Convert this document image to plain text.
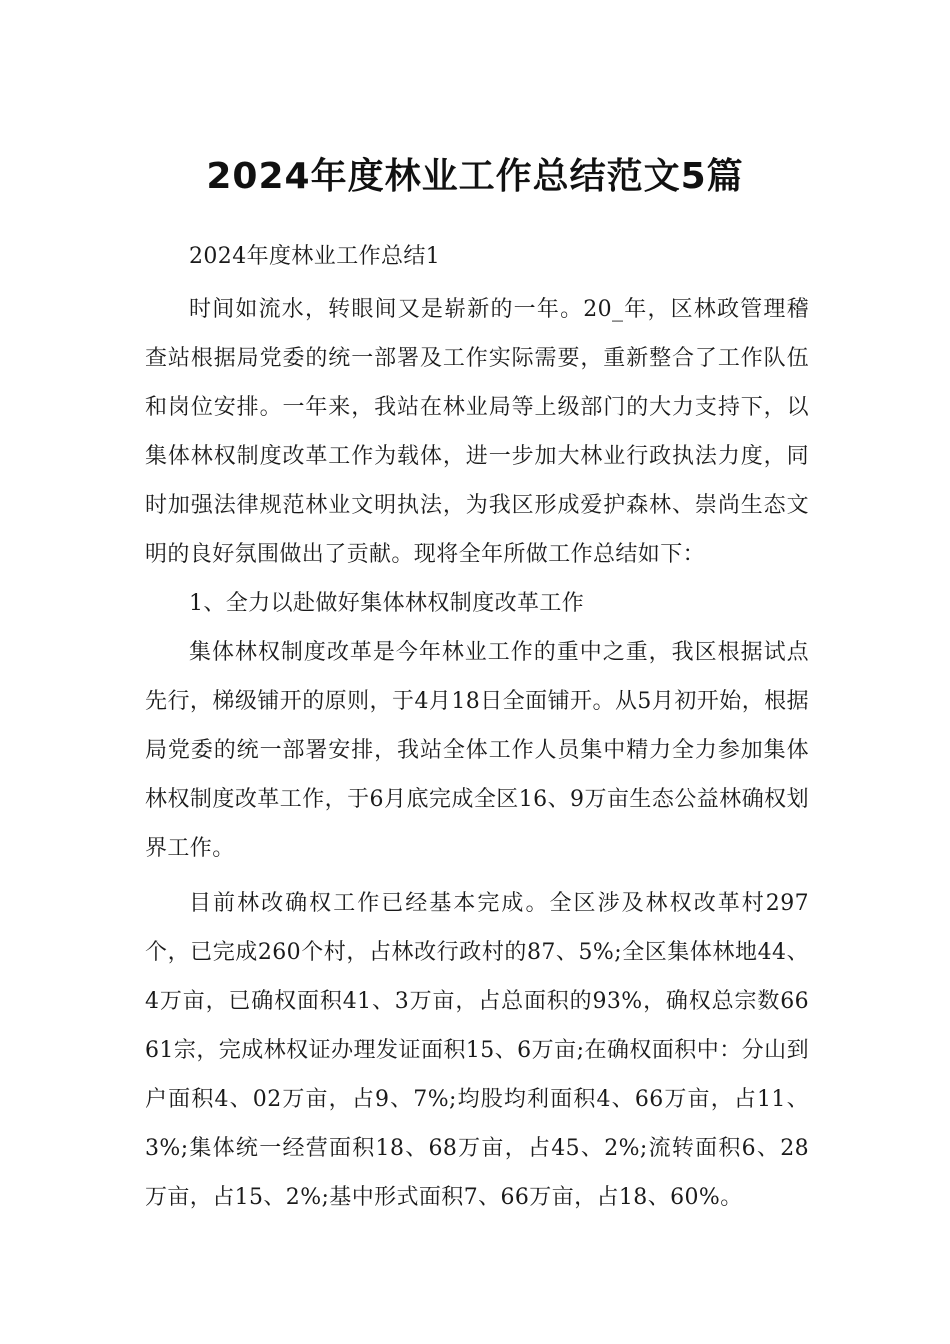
2024年度林业工作总结范文5篇

2024年度林业工作总结1

时间如流水，转眼间又是崭新的一年。20_年，区林政管理稽查站根据局党委的统一部署及工作实际需要，重新整合了工作队伍和岗位安排。一年来，我站在林业局等上级部门的大力支持下，以集体林权制度改革工作为载体，进一步加大林业行政执法力度，同时加强法律规范林业文明执法，为我区形成爱护森林、崇尚生态文明的良好氛围做出了贡献。现将全年所做工作总结如下：

1、全力以赴做好集体林权制度改革工作

集体林权制度改革是今年林业工作的重中之重，我区根据试点先行，梯级铺开的原则，于4月18日全面铺开。从5月初开始，根据局党委的统一部署安排，我站全体工作人员集中精力全力参加集体林权制度改革工作，于6月底完成全区16、9万亩生态公益林确权划界工作。

目前林改确权工作已经基本完成。全区涉及林权改革村297个，已完成260个村，占林改行政村的87、5%;全区集体林地44、4万亩，已确权面积41、3万亩，占总面积的93%，确权总宗数6661宗，完成林权证办理发证面积15、6万亩;在确权面积中：分山到户面积4、02万亩，占9、7%;均股均利面积4、66万亩，占11、3%;集体统一经营面积18、68万亩，占45、2%;流转面积6、28万亩，占15、2%;基中形式面积7、66万亩，占18、60%。
